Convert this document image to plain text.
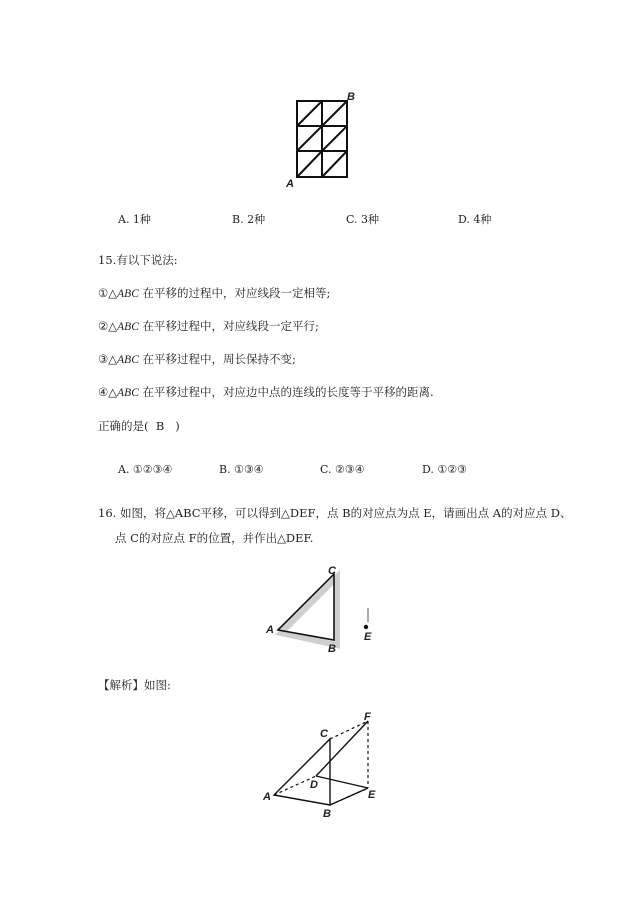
A
B
A. 1种	B. 2种	C. 3种	D. 4种
15.有以下说法:
①△ABC 在平移的过程中，对应线段一定相等;
②△ABC 在平移过程中，对应线段一定平行;
③△ABC 在平移过程中，周长保持不变;
④△ABC 在平移过程中，对应边中点的连线的长度等于平移的距离.
正确的是( B )
A. ①②③④	B. ①③④	C. ②③④	D. ①②③
16. 如图，将△ABC平移，可以得到△DEF，点 B的对应点为点 E，请画出点 A的对应点 D、
点 C的对应点 F的位置，并作出△DEF.
A
B
C
E
【解析】如图:
A
B
C
D
E
F
